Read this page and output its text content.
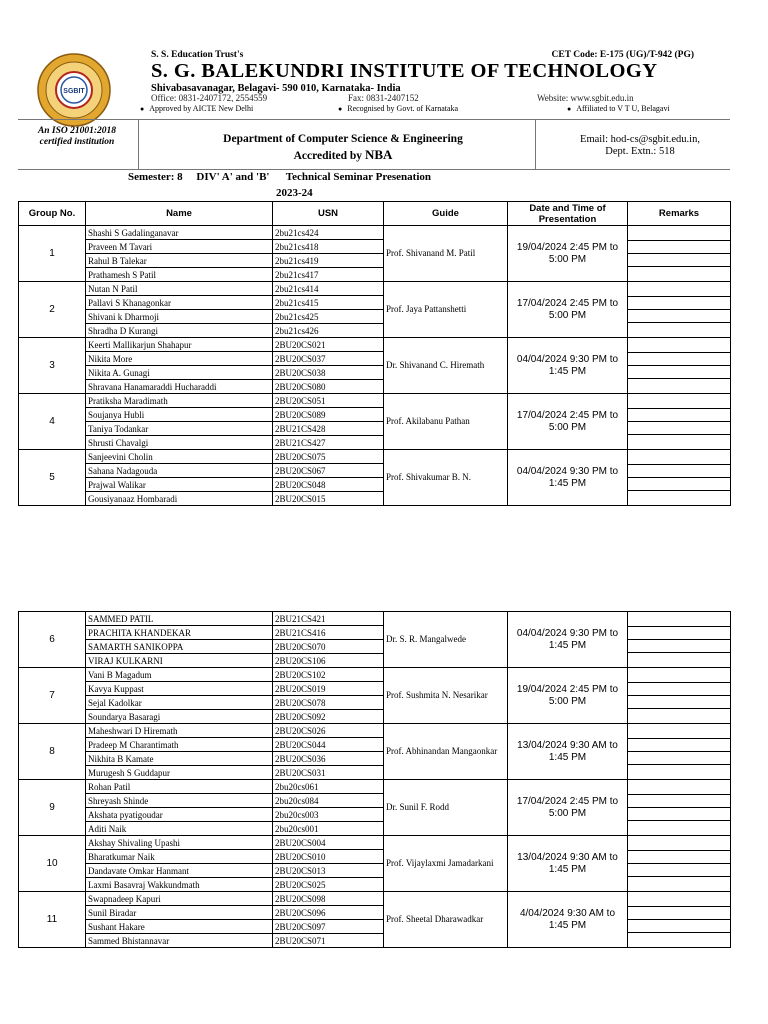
SGBIT
S. S. Education Trust's	CET Code: E-175 (UG)/T-942 (PG)
S. G. BALEKUNDRI INSTITUTE OF TECHNOLOGY
Shivabasavanagar, Belagavi- 590 010, Karnataka- India
Office: 0831-2407172, 2554559	Fax: 0831-2407152	Website: www.sgbit.edu.in
● Approved by AICTE New Delhi	● Recognised by Govt. of Karnataka	● Affiliated to V T U, Belagavi
An ISO 21001:2018
certified institution	Department of Computer Science & Engineering
Accredited by NBA
Email: hod-cs@sgbit.edu.in,
Dept. Extn.: 518
Semester: 8     DIV' A' and 'B'      Technical Seminar Presenation
2023-24
Group No.	Name	USN	Guide	Date and Time of Presentation	Remarks
1	Shashi S Gadalinganavar	2bu21cs424	Prof. Shivanand M. Patil	19/04/2024 2:45 PM to 5:00 PM	

	Praveen M Tavari	2bu21cs418			
	Rahul B Talekar	2bu21cs419			
	Prathamesh S Patil	2bu21cs417			
2	Nutan N Patil	2bu21cs414	Prof. Jaya Pattanshetti	17/04/2024 2:45 PM to 5:00 PM	

	Pallavi S Khanagonkar	2bu21cs415			
	Shivani k Dharmoji	2bu21cs425			
	Shradha D Kurangi	2bu21cs426			
3	Keerti Mallikarjun Shahapur	2BU20CS021	Dr. Shivanand C. Hiremath	04/04/2024 9:30 PM to 1:45 PM	

	Nikita More	2BU20CS037			
	Nikita A. Gunagi	2BU20CS038			
	Shravana Hanamaraddi Hucharaddi	2BU20CS080			
4	Pratiksha Maradimath	2BU20CS051	Prof. Akilabanu Pathan	17/04/2024 2:45 PM to 5:00 PM	

	Soujanya Hubli	2BU20CS089			
	Taniya Todankar	2BU21CS428			
	Shrusti Chavalgi	2BU21CS427			
5	Sanjeevini Cholin	2BU20CS075	Prof. Shivakumar B. N.	04/04/2024 9:30 PM to 1:45 PM	

	Sahana Nadagouda	2BU20CS067			
	Prajwal Walikar	2BU20CS048			
	Gousiyanaaz Hombaradi	2BU20CS015			
6	SAMMED PATIL	2BU21CS421	Dr. S. R. Mangalwede	04/04/2024 9:30 PM to 1:45 PM	

	PRACHITA KHANDEKAR	2BU21CS416			
	SAMARTH SANIKOPPA	2BU20CS070			
	VIRAJ KULKARNI	2BU20CS106			
7	Vani B Magadum	2BU20CS102	Prof. Sushmita N. Nesarikar	19/04/2024 2:45 PM to 5:00 PM	

	Kavya Kuppast	2BU20CS019			
	Sejal Kadolkar	2BU20CS078			
	Soundarya Basaragi	2BU20CS092			
8	Maheshwari D Hiremath	2BU20CS026	Prof. Abhinandan Mangaonkar	13/04/2024 9:30 AM to 1:45 PM	

	Pradeep M Charantimath	2BU20CS044			
	Nikhita B Kamate	2BU20CS036			
	Murugesh S Guddapur	2BU20CS031			
9	Rohan Patil	2bu20cs061	Dr. Sunil F. Rodd	17/04/2024 2:45 PM to 5:00 PM	

	Shreyash Shinde	2bu20cs084			
	Akshata pyatigoudar	2bu20cs003			
	Aditi Naik	2bu20cs001			
10	Akshay Shivaling Upashi	2BU20CS004	Prof. Vijaylaxmi Jamadarkani	13/04/2024 9:30 AM to 1:45 PM	

	Bharatkumar Naik	2BU20CS010			
	Dandavate Omkar Hanmant	2BU20CS013			
	Laxmi Basavraj Wakkundmath	2BU20CS025			
11	Swapnadeep Kapuri	2BU20CS098	Prof. Sheetal Dharawadkar	4/04/2024 9:30 AM to 1:45 PM	

	Sunil Biradar	2BU20CS096			
	Sushant Hakare	2BU20CS097			
	Sammed Bhistannavar	2BU20CS071			
